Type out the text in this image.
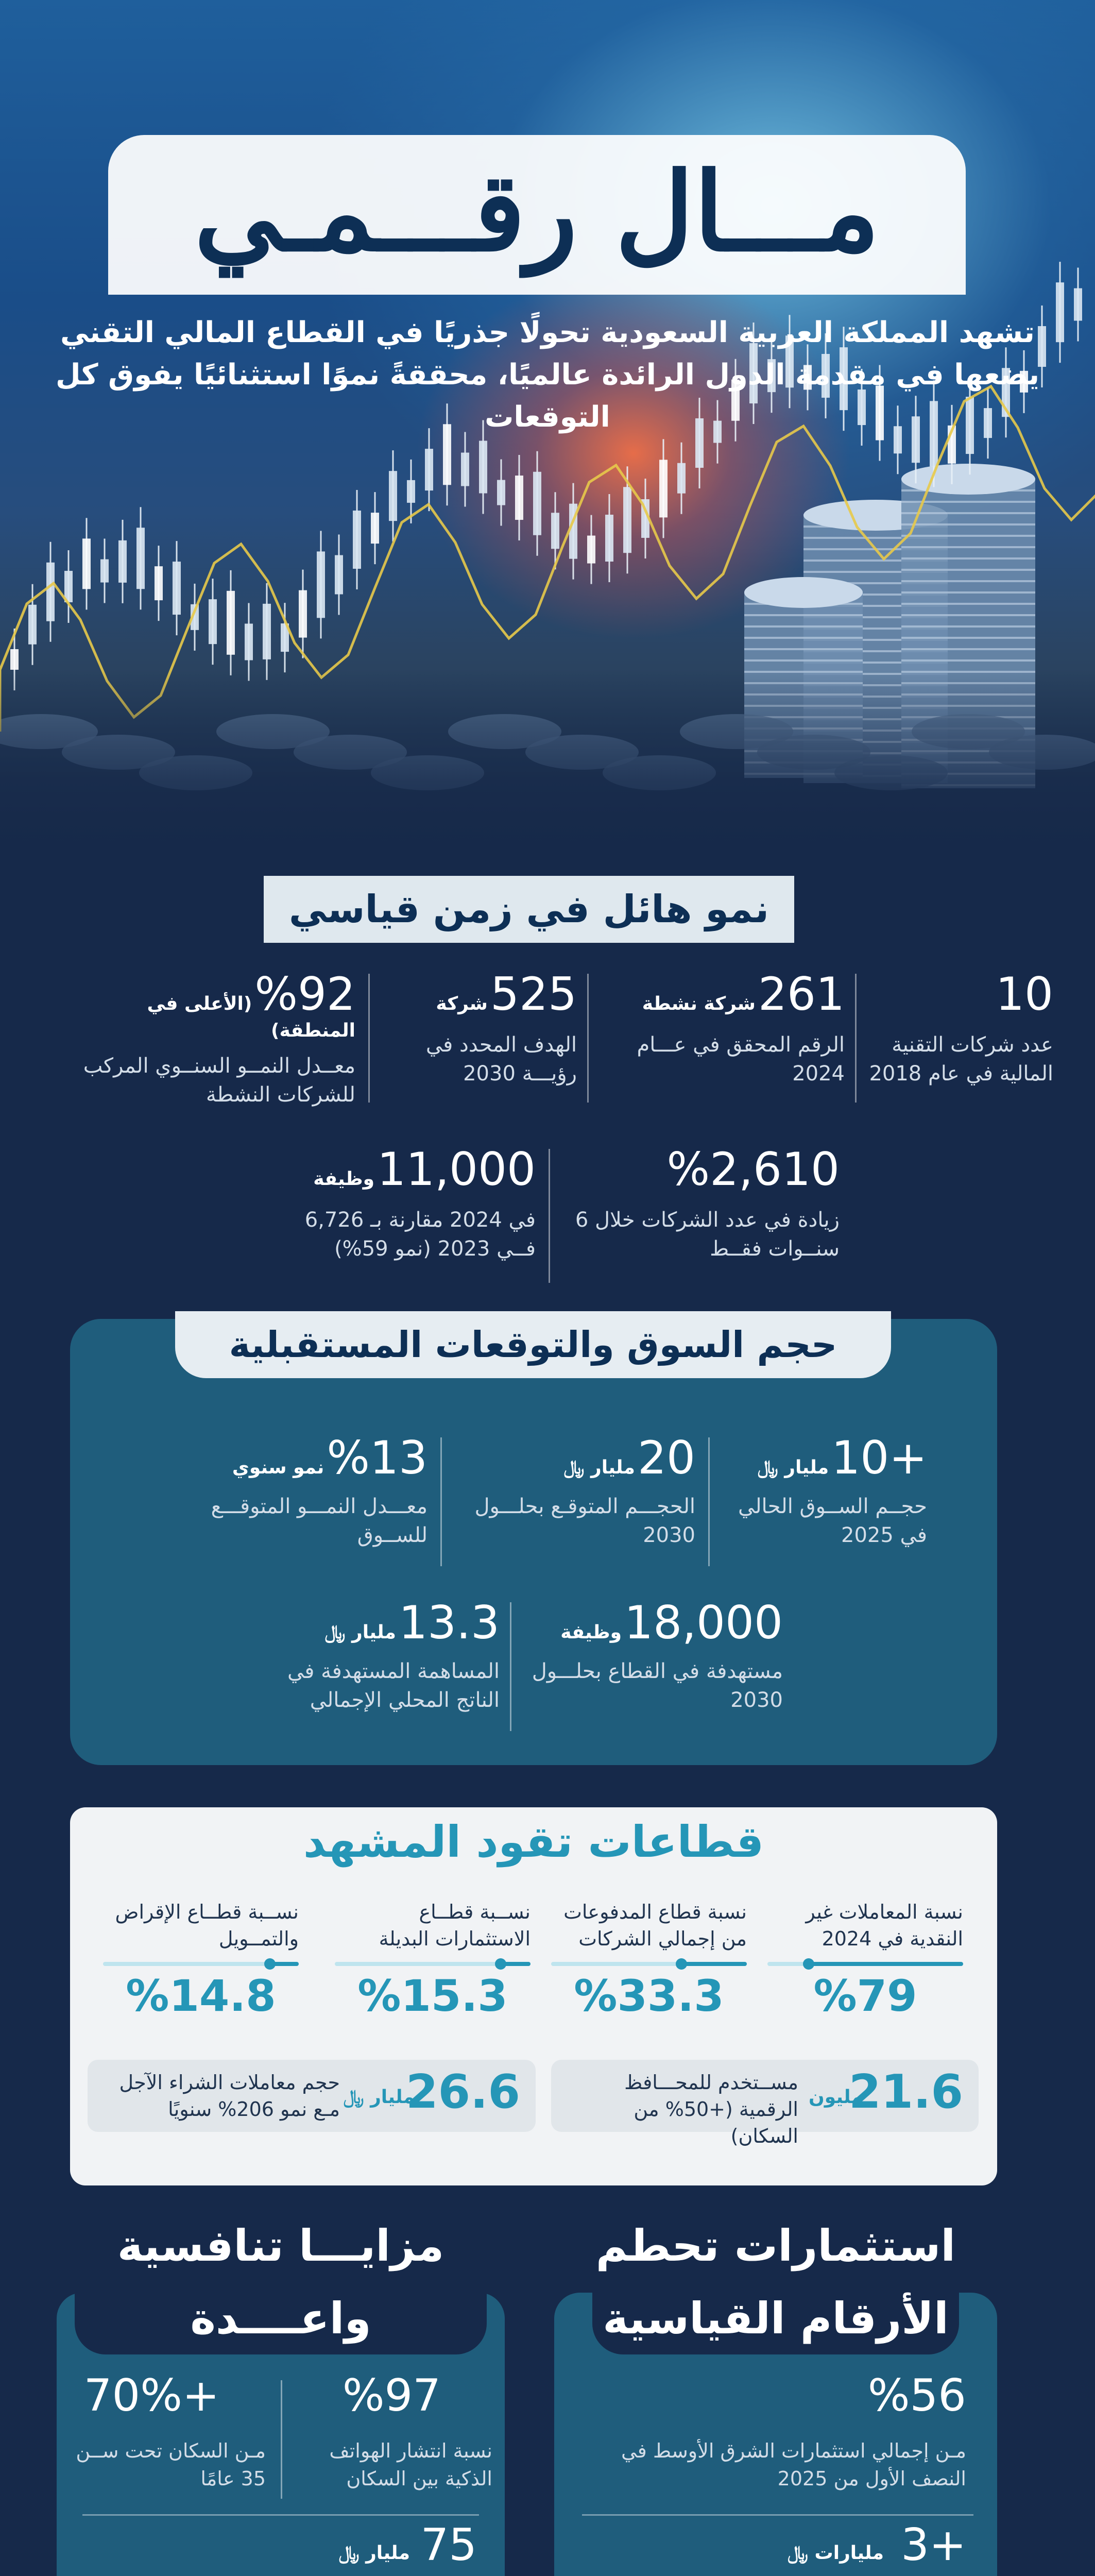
مـــال رقـــمـي
تشهد المملكة العربية السعودية تحولًا جذريًا في القطاع المالي التقني يضعها في مقدمة الدول الرائدة عالميًا، محققةً نموًا استثنائيًا يفوق كل التوقعات
نمو هائل في زمن قياسي
10
عدد شركات التقنية المالية في عام 2018
261 شركة نشطة
الرقم المحقق في عـــام 2024
525 شركة
الهدف المحدد في رؤيـــة 2030
%92 (الأعلى في المنطقة)
معــدل النمــو السنــوي المركب للشركات النشطة
%2,610
زيادة في عدد الشركات خلال 6 سنــوات فقــط
11,000 وظيفة
في 2024 مقارنة بـ 6,726 فــي 2023 (نمو 59%)
حجم السوق والتوقعات المستقبلية
+10 مليار ﷼
حجــم الســوق الحالي في 2025
20 مليار ﷼
الحجـــم المتوقـع بحلـــول 2030
%13 نمو سنوي
معـــدل النمـــو المتوقـــع للســوق
18,000 وظيفة
مستهدفة في القطاع بحلـــول 2030
13.3 مليار ﷼
المساهمة المستهدفة في الناتج المحلي الإجمالي
قطاعات تقود المشهد
نسبة المعاملات غير النقدية في 2024
%79
نسبة قطاع المدفوعات من إجمالي الشركات
%33.3
نســبة قطــاع الاستثمارات البديلة
%15.3
نســبة قطــاع الإقراض والتمــويل
%14.8
مســتخدم للمحـــافظ الرقمية (+50% من السكان)
21.6
مليون
حجم معاملات الشراء الآجل مـع نمو 206% سنويًا 26.6
مليار ﷼
استثمارات تحطم
الأرقام القياسية
%56
مـن إجمالي استثمارات الشرق الأوسط في النصف الأول من 2025
+3
مليارات ﷼
مزايـــا تنافسية
واعــــدة
%97
نسبة انتشار الهواتف الذكية بين السكان
+70%
مـن السكان تحت ســن 35 عامًا
75
مليار ﷼
